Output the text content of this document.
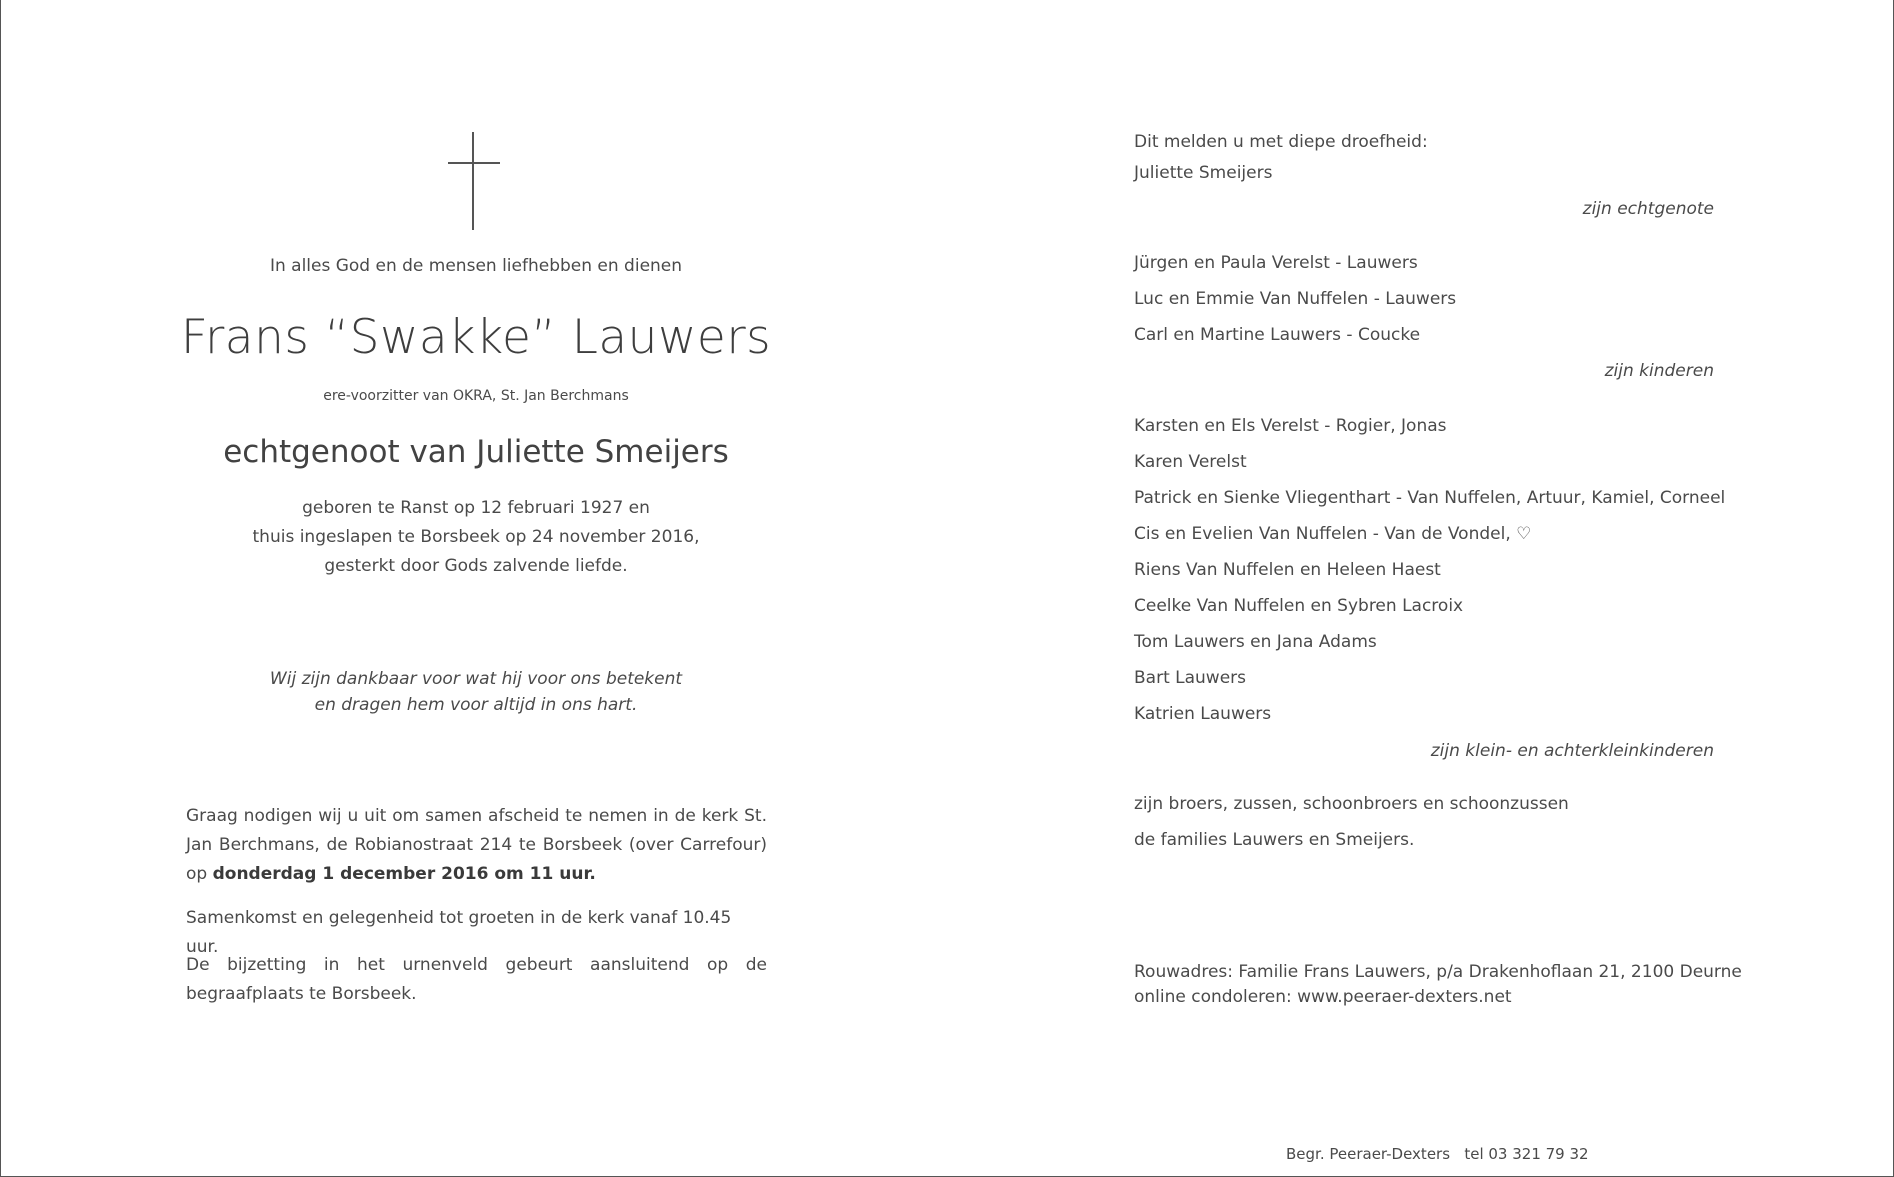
In alles God en de mensen liefhebben en dienen
Frans “Swakke” Lauwers
ere-voorzitter van OKRA, St. Jan Berchmans
echtgenoot van Juliette Smeijers
geboren te Ranst op 12 februari 1927 en
thuis ingeslapen te Borsbeek op 24 november 2016,
gesterkt door Gods zalvende liefde.
Wij zijn dankbaar voor wat hij voor ons betekent
en dragen hem voor altijd in ons hart.
Graag nodigen wij u uit om samen afscheid te nemen in de kerk St. Jan Berchmans, de Robianostraat 214 te Borsbeek (over Carrefour) op donderdag 1 december 2016 om 11 uur.
Samenkomst en gelegenheid tot groeten in de kerk vanaf 10.45 uur.
De bijzetting in het urnenveld gebeurt aansluitend op de begraafplaats te Borsbeek.
Dit melden u met diepe droefheid:
Juliette Smeijers
zijn echtgenote
Jürgen en Paula Verelst - Lauwers
Luc en Emmie Van Nuffelen - Lauwers
Carl en Martine Lauwers - Coucke
zijn kinderen
Karsten en Els Verelst - Rogier, Jonas
Karen Verelst
Patrick en Sienke Vliegenthart - Van Nuffelen, Artuur, Kamiel, Corneel
Cis en Evelien Van Nuffelen - Van de Vondel, ♡
Riens Van Nuffelen en Heleen Haest
Ceelke Van Nuffelen en Sybren Lacroix
Tom Lauwers en Jana Adams
Bart Lauwers
Katrien Lauwers
zijn klein- en achterkleinkinderen
zijn broers, zussen, schoonbroers en schoonzussen
de families Lauwers en Smeijers.
Rouwadres: Familie Frans Lauwers, p/a Drakenhoflaan 21, 2100 Deurne
online condoleren: www.peeraer-dexters.net
Begr. Peeraer-Dexters tel 03 321 79 32
